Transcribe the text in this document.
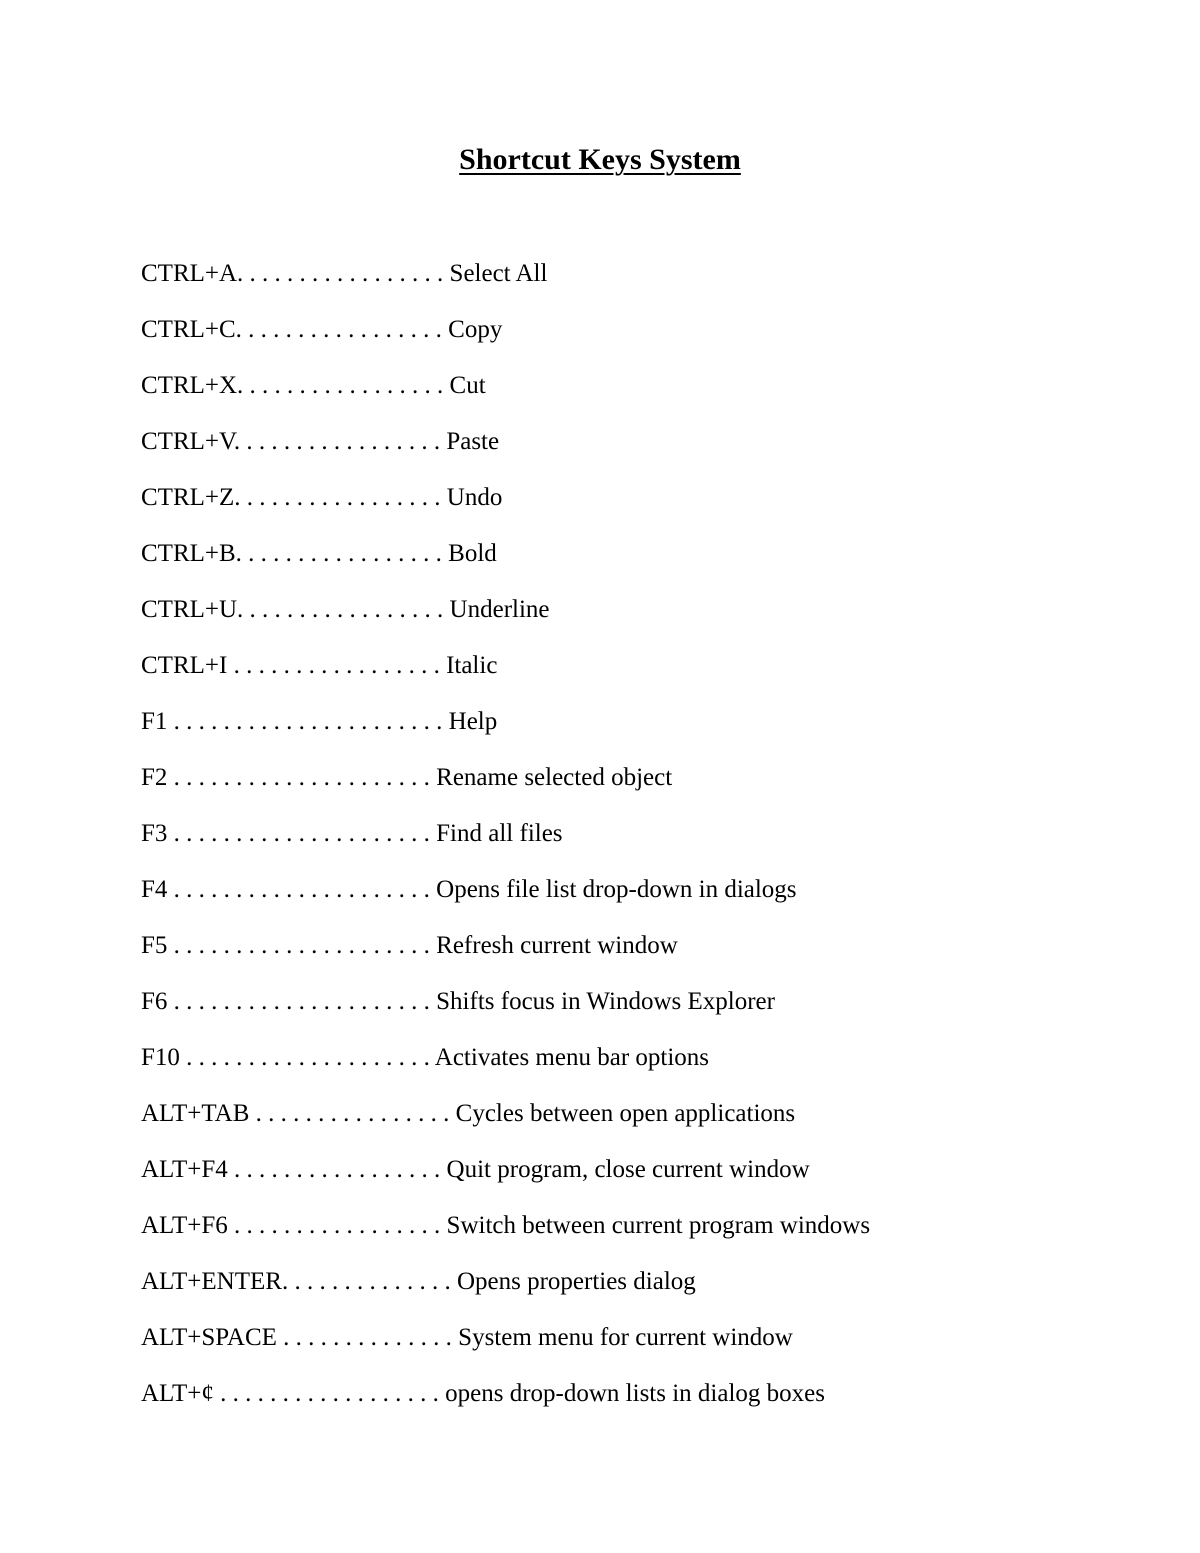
Shortcut Keys System
CTRL+A. . . . . . . . . . . . . . . . . Select All
CTRL+C. . . . . . . . . . . . . . . . . Copy
CTRL+X. . . . . . . . . . . . . . . . . Cut
CTRL+V. . . . . . . . . . . . . . . . . Paste
CTRL+Z. . . . . . . . . . . . . . . . . Undo
CTRL+B. . . . . . . . . . . . . . . . . Bold
CTRL+U. . . . . . . . . . . . . . . . . Underline
CTRL+I . . . . . . . . . . . . . . . . . Italic
F1 . . . . . . . . . . . . . . . . . . . . . . Help
F2 . . . . . . . . . . . . . . . . . . . . . Rename selected object
F3 . . . . . . . . . . . . . . . . . . . . . Find all files
F4 . . . . . . . . . . . . . . . . . . . . . Opens file list drop-down in dialogs
F5 . . . . . . . . . . . . . . . . . . . . . Refresh current window
F6 . . . . . . . . . . . . . . . . . . . . . Shifts focus in Windows Explorer
F10 . . . . . . . . . . . . . . . . . . . . Activates menu bar options
ALT+TAB . . . . . . . . . . . . . . . . Cycles between open applications
ALT+F4 . . . . . . . . . . . . . . . . . Quit program, close current window
ALT+F6 . . . . . . . . . . . . . . . . . Switch between current program windows
ALT+ENTER. . . . . . . . . . . . . . Opens properties dialog
ALT+SPACE . . . . . . . . . . . . . . System menu for current window
ALT+¢ . . . . . . . . . . . . . . . . . . opens drop-down lists in dialog boxes
